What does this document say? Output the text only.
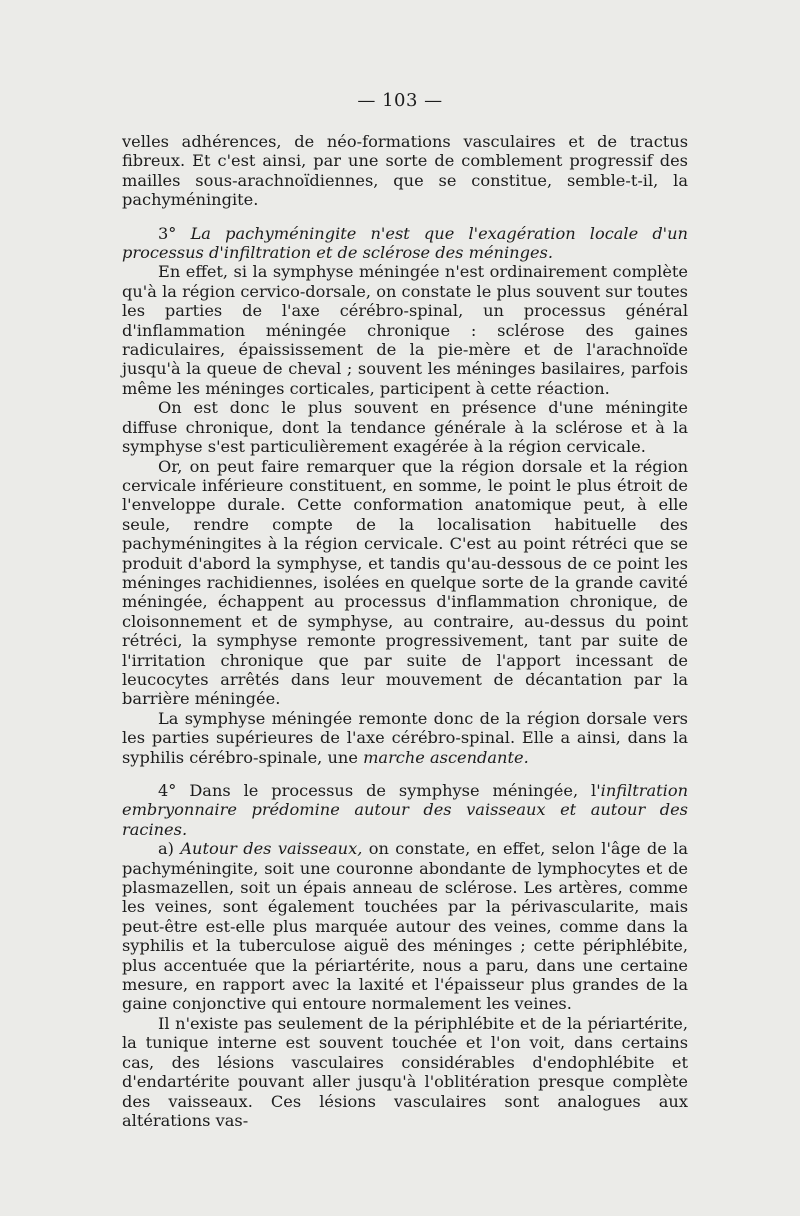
— 103 —

velles adhérences, de néo-formations vasculaires et de tractus fibreux. Et c'est ainsi, par une sorte de comblement progressif des mailles sous-arachnoïdiennes, que se constitue, semble-t-il, la pachyméningite.

3° La pachyméningite n'est que l'exagération locale d'un processus d'infiltration et de sclérose des méninges.

En effet, si la symphyse méningée n'est ordinairement complète qu'à la région cervico-dorsale, on constate le plus souvent sur toutes les parties de l'axe cérébro-spinal, un processus général d'inflammation méningée chronique : sclérose des gaines radiculaires, épaississement de la pie-mère et de l'arachnoïde jusqu'à la queue de cheval ; souvent les méninges basilaires, parfois même les méninges corticales, participent à cette réaction.

On est donc le plus souvent en présence d'une méningite diffuse chronique, dont la tendance générale à la sclérose et à la symphyse s'est particulièrement exagérée à la région cervicale.

Or, on peut faire remarquer que la région dorsale et la région cervicale inférieure constituent, en somme, le point le plus étroit de l'enveloppe durale. Cette conformation anatomique peut, à elle seule, rendre compte de la localisation habituelle des pachyméningites à la région cervicale. C'est au point rétréci que se produit d'abord la symphyse, et tandis qu'au-dessous de ce point les méninges rachidiennes, isolées en quelque sorte de la grande cavité méningée, échappent au processus d'inflammation chronique, de cloisonnement et de symphyse, au contraire, au-dessus du point rétréci, la symphyse remonte progressivement, tant par suite de l'irritation chronique que par suite de l'apport incessant de leucocytes arrêtés dans leur mouvement de décantation par la barrière méningée.

La symphyse méningée remonte donc de la région dorsale vers les parties supérieures de l'axe cérébro-spinal. Elle a ainsi, dans la syphilis cérébro-spinale, une marche ascendante.

4° Dans le processus de symphyse méningée, l'infiltration embryonnaire prédomine autour des vaisseaux et autour des racines.

a) Autour des vaisseaux, on constate, en effet, selon l'âge de la pachyméningite, soit une couronne abondante de lymphocytes et de plasmazellen, soit un épais anneau de sclérose. Les artères, comme les veines, sont également touchées par la périvascularite, mais peut-être est-elle plus marquée autour des veines, comme dans la syphilis et la tuberculose aiguë des méninges ; cette périphlébite, plus accentuée que la périartérite, nous a paru, dans une certaine mesure, en rapport avec la laxité et l'épaisseur plus grandes de la gaine conjonctive qui entoure normalement les veines.

Il n'existe pas seulement de la périphlébite et de la périartérite, la tunique interne est souvent touchée et l'on voit, dans certains cas, des lésions vasculaires considérables d'endophlébite et d'endartérite pouvant aller jusqu'à l'oblitération presque complète des vaisseaux. Ces lésions vasculaires sont analogues aux altérations vas-
